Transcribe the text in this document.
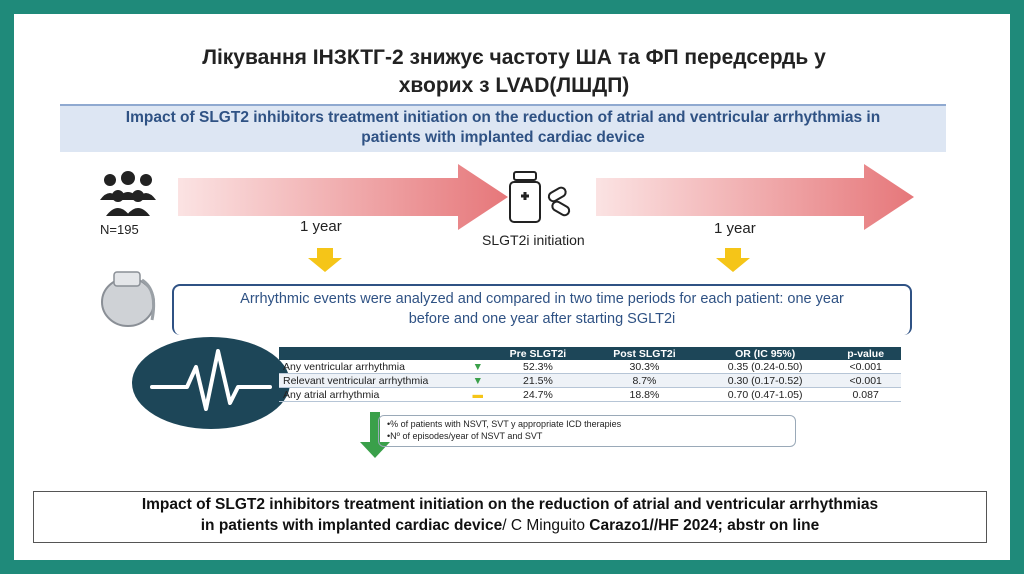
Лікування ІНЗКТГ-2 знижує частоту ША та ФП передсердь у
хворих з LVAD(ЛШДП)
Impact of SLGT2 inhibitors treatment initiation on the reduction of atrial and ventricular arrhythmias in
patients with implanted cardiac device
N=195
SLGT2i initiation
1 year	1 year
Arrhythmic events were analyzed and compared in two time periods for each patient: one year
before and one year after starting SGLT2i
	Pre SLGT2i	Post SLGT2i	OR (IC 95%)	p-value
Any ventricular arrhythmia ▼	52.3%	30.3%	0.35 (0.24-0.50)	<0.001
Relevant ventricular arrhythmia ▼	21.5%	8.7%	0.30 (0.17-0.52)	<0.001
Any atrial arrhythmia ▬	24.7%	18.8%	0.70 (0.47-1.05)	0.087
• % of patients with NSVT, SVT y appropriate ICD therapies
• Nº of episodes/year of NSVT and SVT
Impact of SLGT2 inhibitors treatment initiation on the reduction of atrial and ventricular arrhythmias
in patients with implanted cardiac device/ C Minguito Carazo1//HF 2024; abstr on line
